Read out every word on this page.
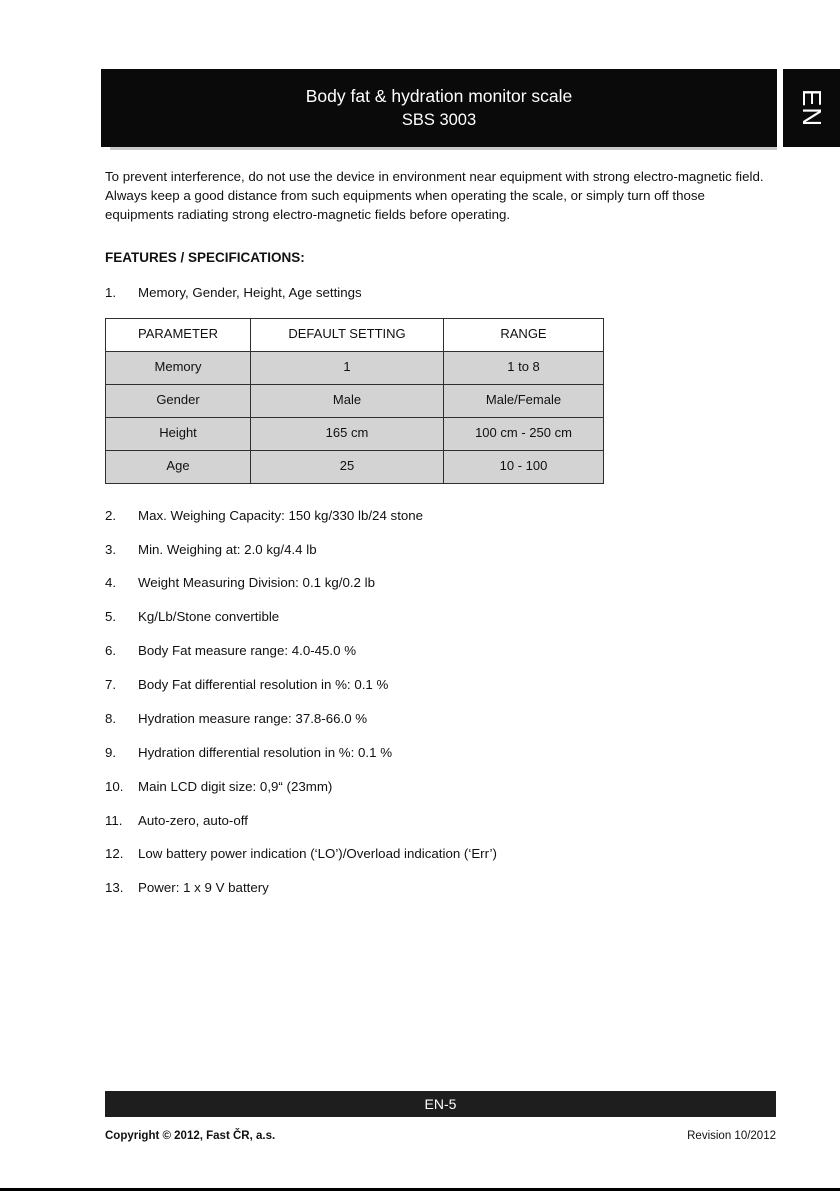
Body fat & hydration monitor scale
SBS 3003	EN

To prevent interference, do not use the device in environment near equipment with strong electro-magnetic field. Always keep a good distance from such equipments when operating the scale, or simply turn off those equipments radiating strong electro-magnetic fields before operating.

FEATURES / SPECIFICATIONS:
1.	Memory, Gender, Height, Age settings
PARAMETER	DEFAULT SETTING	RANGE
Memory	1	1 to 8
Gender	Male	Male/Female
Height	165 cm	100 cm - 250 cm
Age	25	10 - 100
2.	Max. Weighing Capacity: 150 kg/330 lb/24 stone
3.	Min. Weighing at: 2.0 kg/4.4 lb
4.	Weight Measuring Division: 0.1 kg/0.2 lb
5.	Kg/Lb/Stone convertible
6.	Body Fat measure range: 4.0-45.0 %
7.	Body Fat differential resolution in %: 0.1 %
8.	Hydration measure range: 37.8-66.0 %
9.	Hydration differential resolution in %: 0.1 %
10.	Main LCD digit size: 0,9“ (23mm)
11.	Auto-zero, auto-off
12.	Low battery power indication (‘LO’)/Overload indication (‘Err’)
13.	Power: 1 x 9 V battery
EN-5
Copyright © 2012, Fast ČR, a.s.	Revision 10/2012
